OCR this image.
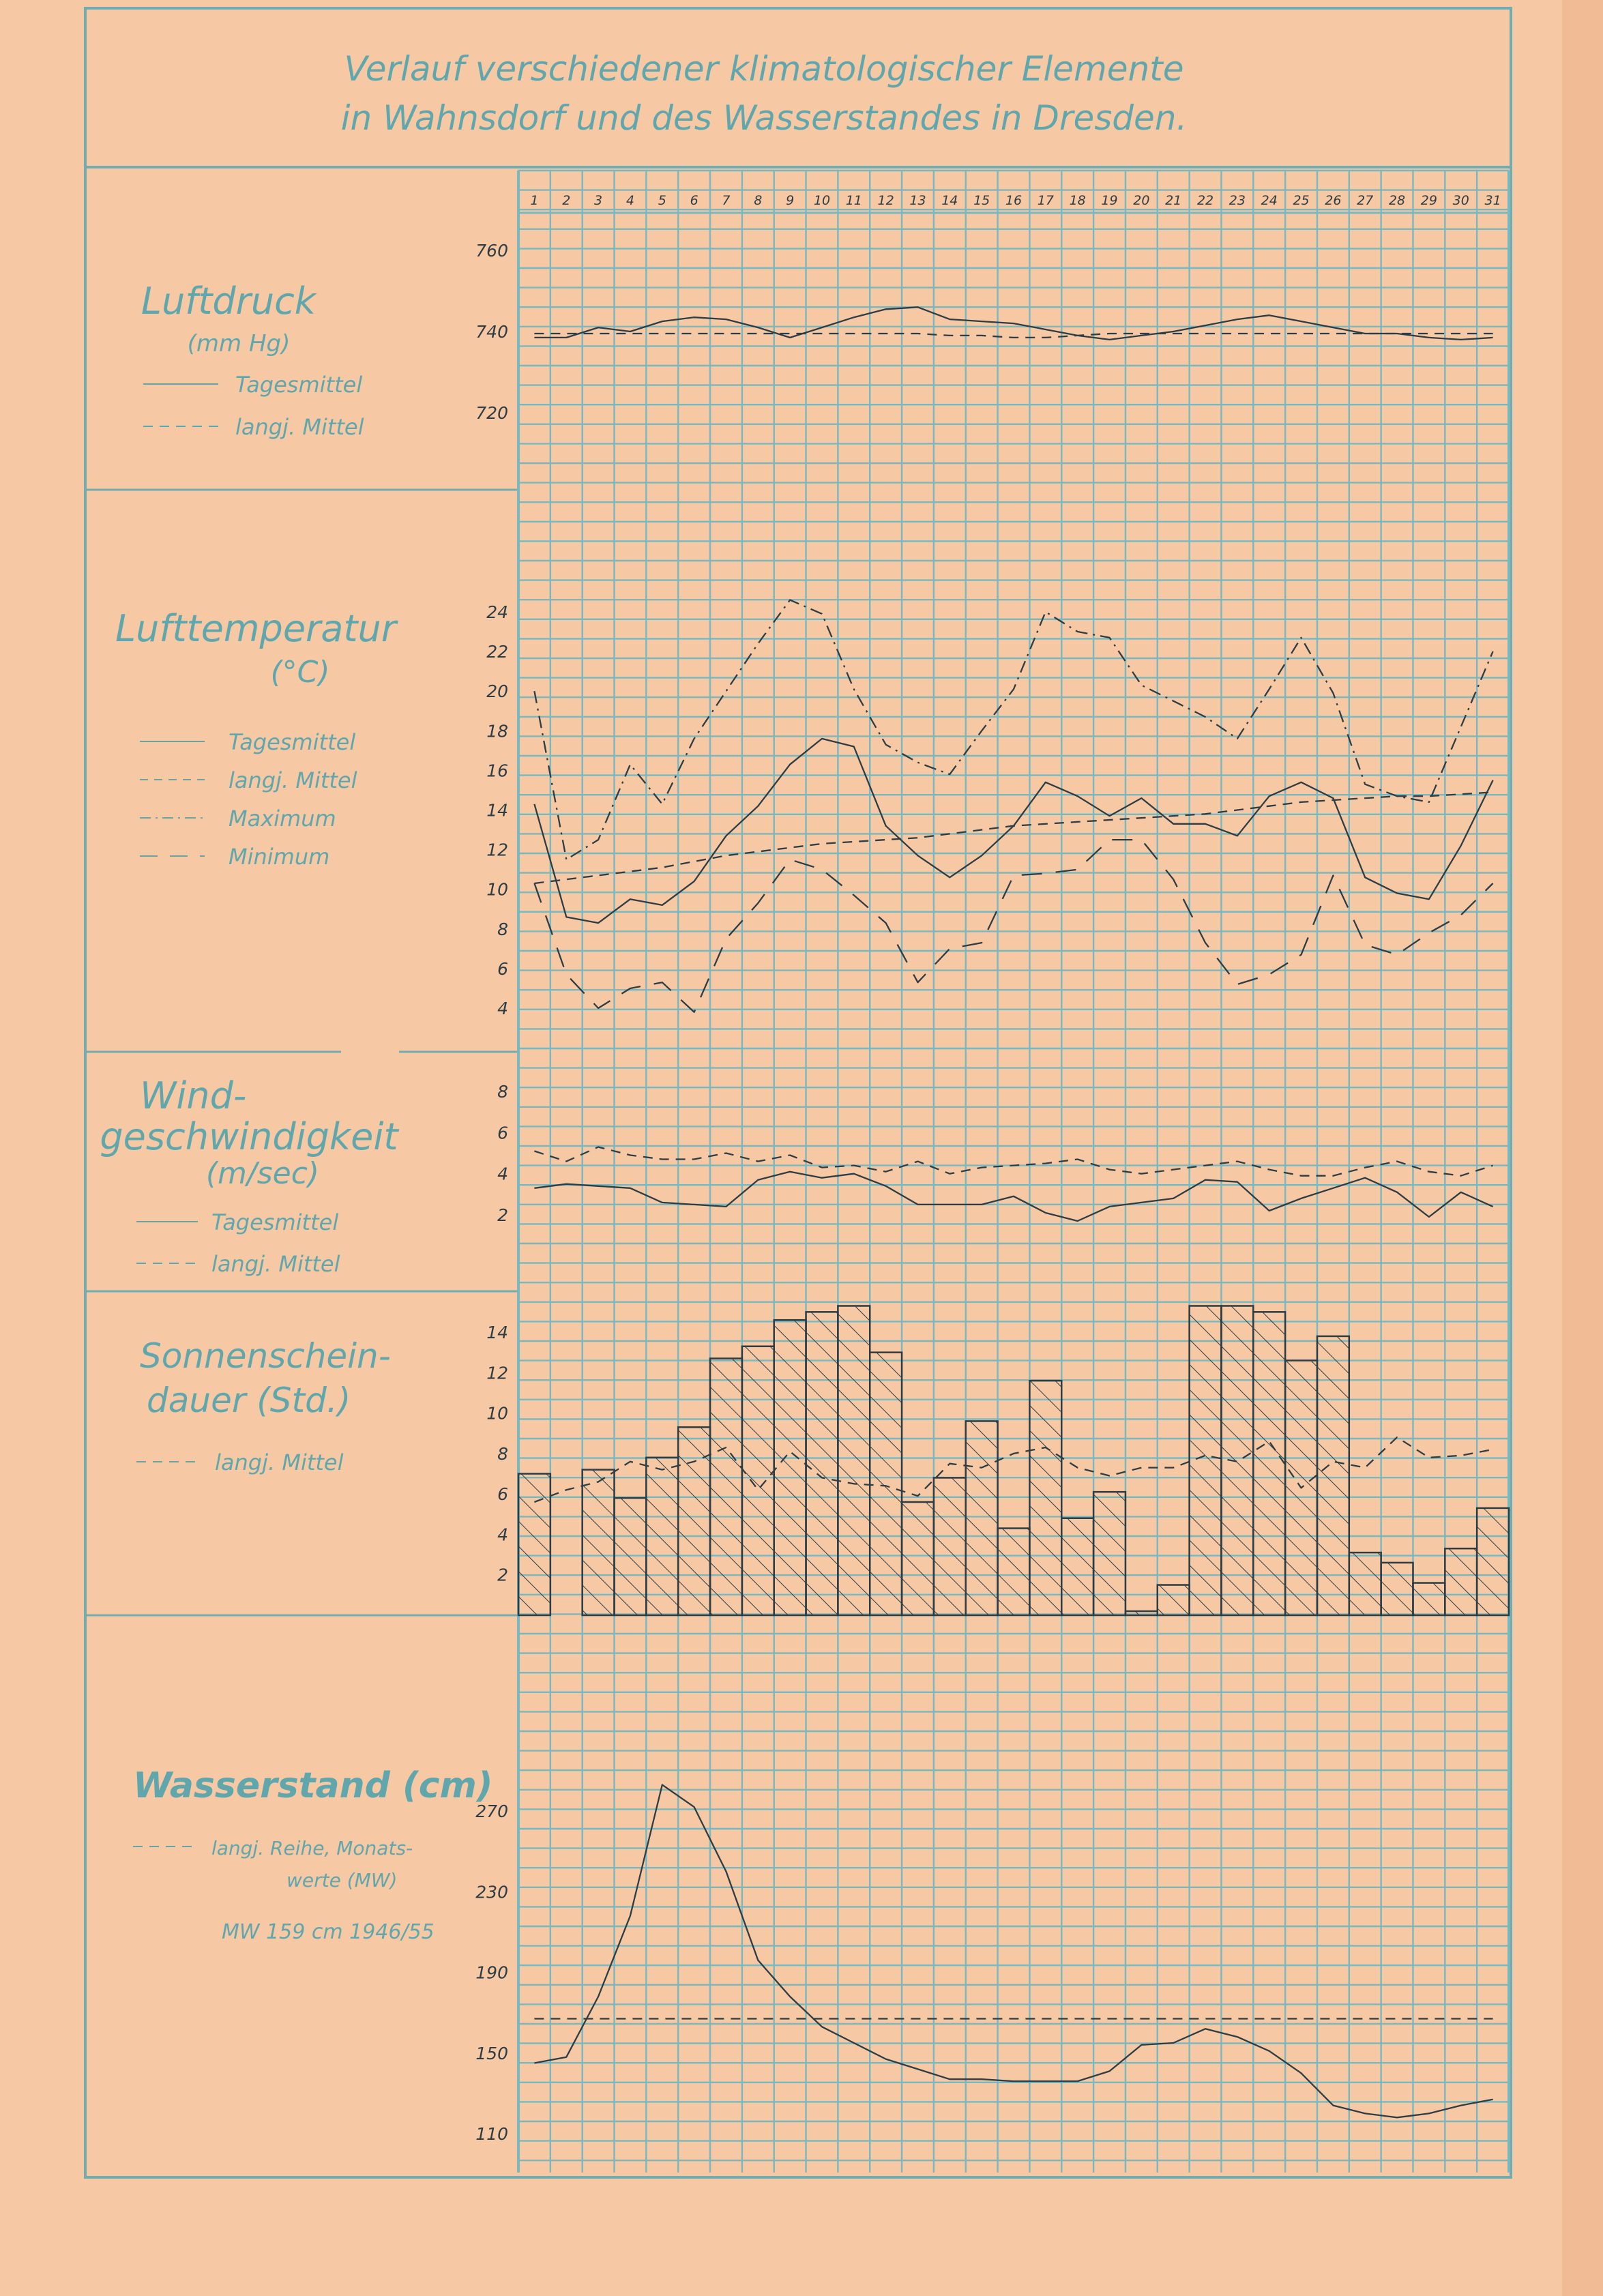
Verlauf verschiedener klimatologischer Elemente
in Wahnsdorf und des Wasserstandes in Dresden.
1 2 3 4 5 6 7 8 9 10 11 12 13 14 15 16 17 18 19 20 21 22 23 24 25 26 27 28 29 30 31
Luftdruck
(mm Hg)
Tagesmittel
langj. Mittel
Lufttemperatur
(°C)
Tagesmittel
langj. Mittel
Maximum
Minimum
Wind-
geschwindigkeit
(m/sec)
Tagesmittel
langj. Mittel
Sonnenschein-
dauer (Std.)
langj. Mittel
Wasserstand (cm)
langj. Reihe, Monats-
werte (MW)
MW 159 cm 1946/55
760
740
720
24
22
20
18
16
14
12
10
8
6
4
8
6
4
2
14
12
10
8
6
4
2
270
230
190
150
110
